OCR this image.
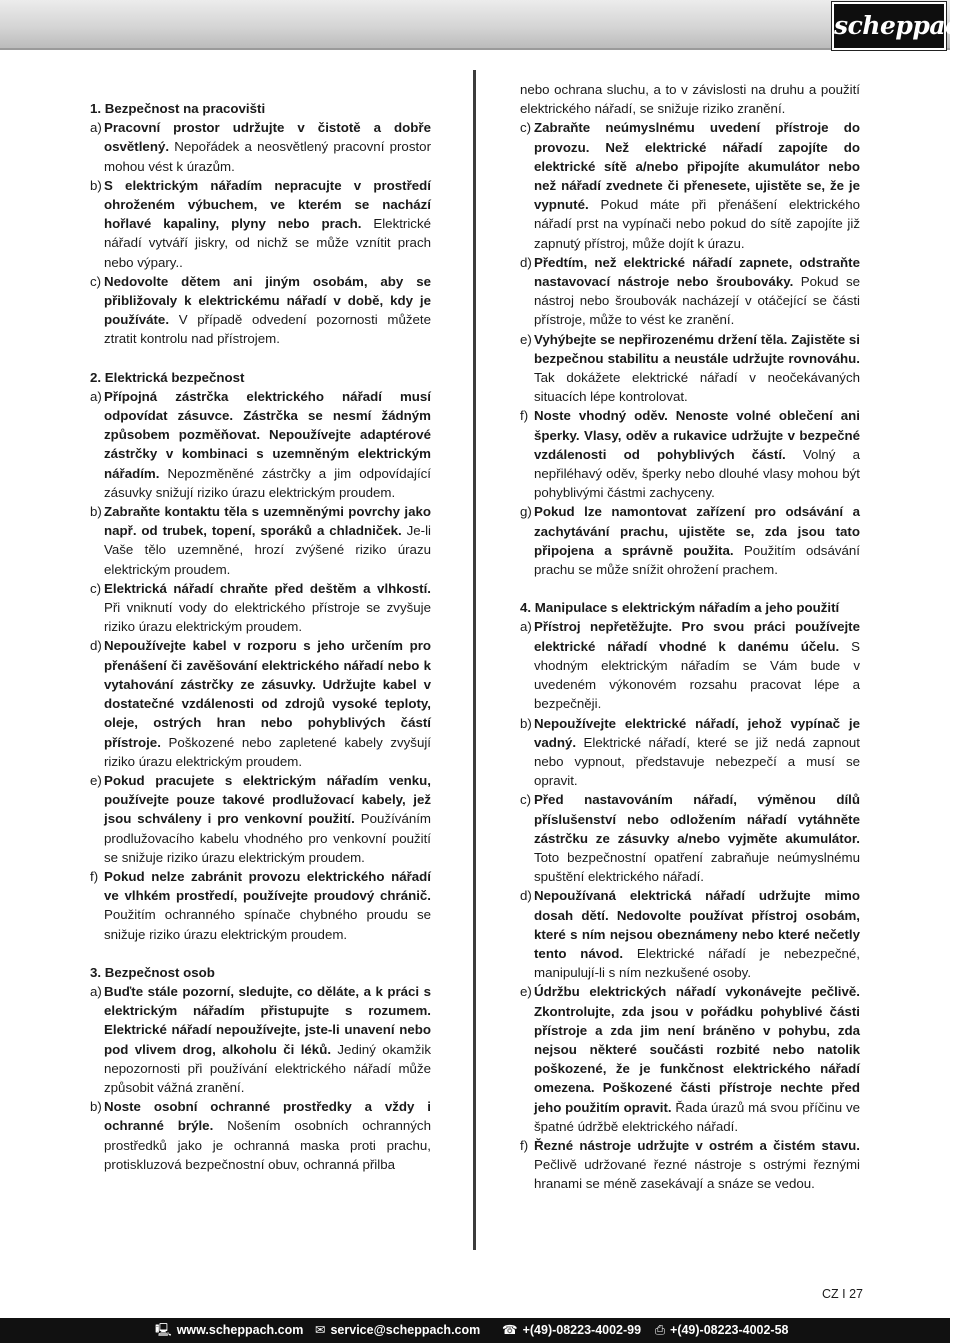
scheppach
1. Bezpečnost na pracovišti
a) Pracovní prostor udržujte v čistotě a dobře osvětlený. Nepořádek a neosvětlený pracovní prostor mohou vést k úrazům.
b) S elektrickým nářadím nepracujte v prostředí ohroženém výbuchem, ve kterém se nachází hořlavé kapaliny, plyny nebo prach. Elektrické nářadí vytváří jiskry, od nichž se může vznítit prach nebo výpary..
c) Nedovolte dětem ani jiným osobám, aby se přibližovaly k elektrickému nářadí v době, kdy je používáte. V případě odvedení pozornosti můžete ztratit kontrolu nad přístrojem.
2. Elektrická bezpečnost
a) Přípojná zástrčka elektrického nářadí musí odpovídat zásuvce. Zástrčka se nesmí žádným způsobem pozměňovat. Nepoužívejte adaptérové zástrčky v kombinaci s uzemněným elektrickým nářadím. Nepozměněné zástrčky a jim odpovídající zásuvky snižují riziko úrazu elektrickým proudem.
b) Zabraňte kontaktu těla s uzemněnými povrchy jako např. od trubek, topení, sporáků a chladniček. Je-li Vaše tělo uzemněné, hrozí zvýšené riziko úrazu elektrickým proudem.
c) Elektrická nářadí chraňte před deštěm a vlhkostí. Při vniknutí vody do elektrického přístroje se zvyšuje riziko úrazu elektrickým proudem.
d) Nepoužívejte kabel v rozporu s jeho určením pro přenášení či zavěšování elektrického nářadí nebo k vytahování zástrčky ze zásuvky. Udržujte kabel v dostatečné vzdálenosti od zdrojů vysoké teploty, oleje, ostrých hran nebo pohyblivých částí přístroje. Poškozené nebo zapletené kabely zvyšují riziko úrazu elektrickým proudem.
e) Pokud pracujete s elektrickým nářadím venku, používejte pouze takové prodlužovací kabely, jež jsou schváleny i pro venkovní použití. Používáním prodlužovacího kabelu vhodného pro venkovní použití se snižuje riziko úrazu elektrickým proudem.
f) Pokud nelze zabránit provozu elektrického nářadí ve vlhkém prostředí, používejte proudový chránič. Použitím ochranného spínače chybného proudu se snižuje riziko úrazu elektrickým proudem.
3. Bezpečnost osob
a) Buďte stále pozorní, sledujte, co děláte, a k práci s elektrickým nářadím přistupujte s rozumem. Elektrické nářadí nepoužívejte, jste-li unavení nebo pod vlivem drog, alkoholu či léků. Jediný okamžik nepozornosti při používání elektrického nářadí může způsobit vážná zranění.
b) Noste osobní ochranné prostředky a vždy i ochranné brýle. Nošením osobních ochranných prostředků jako je ochranná maska proti prachu, protiskluzová bezpečnostní obuv, ochranná přilba
nebo ochrana sluchu, a to v závislosti na druhu a použití elektrického nářadí, se snižuje riziko zranění.
c) Zabraňte neúmyslnému uvedení přístroje do provozu. Než elektrické nářadí zapojíte do elektrické sítě a/nebo připojíte akumulátor nebo než nářadí zvednete či přenesete, ujistěte se, že je vypnuté. Pokud máte při přenášení elektrického nářadí prst na vypínači nebo pokud do sítě zapojíte již zapnutý přístroj, může dojít k úrazu.
d) Předtím, než elektrické nářadí zapnete, odstraňte nastavovací nástroje nebo šroubováky. Pokud se nástroj nebo šroubovák nacházejí v otáčející se části přístroje, může to vést ke zranění.
e) Vyhýbejte se nepřirozenému držení těla. Zajistěte si bezpečnou stabilitu a neustále udržujte rovnováhu. Tak dokážete elektrické nářadí v neočekávaných situacích lépe kontrolovat.
f) Noste vhodný oděv. Nenoste volné oblečení ani šperky. Vlasy, oděv a rukavice udržujte v bezpečné vzdálenosti od pohyblivých částí. Volný a nepřiléhavý oděv, šperky nebo dlouhé vlasy mohou být pohyblivými částmi zachyceny.
g) Pokud lze namontovat zařízení pro odsávání a zachytávání prachu, ujistěte se, zda jsou tato připojena a správně použita. Použitím odsávání prachu se může snížit ohrožení prachem.
4. Manipulace s elektrickým nářadím a jeho použití
a) Přístroj nepřetěžujte. Pro svou práci používejte elektrické nářadí vhodné k danému účelu. S vhodným elektrickým nářadím se Vám bude v uvedeném výkonovém rozsahu pracovat lépe a bezpečněji.
b) Nepoužívejte elektrické nářadí, jehož vypínač je vadný. Elektrické nářadí, které se již nedá zapnout nebo vypnout, představuje nebezpečí a musí se opravit.
c) Před nastavováním nářadí, výměnou dílů příslušenství nebo odložením nářadí vytáhněte zástrčku ze zásuvky a/nebo vyjměte akumulátor. Toto bezpečnostní opatření zabraňuje neúmyslnému spuštění elektrického nářadí.
d) Nepoužívaná elektrická nářadí udržujte mimo dosah dětí. Nedovolte používat přístroj osobám, které s ním nejsou obeznámeny nebo které nečetly tento návod. Elektrické nářadí je nebezpečné, manipulují-li s ním nezkušené osoby.
e) Údržbu elektrických nářadí vykonávejte pečlivě. Zkontrolujte, zda jsou v pořádku pohyblivé části přístroje a zda jim není bráněno v pohybu, zda nejsou některé součásti rozbité nebo natolik poškozené, že je funkčnost elektrického nářadí omezena. Poškozené části přístroje nechte před jeho použitím opravit. Řada úrazů má svou příčinu ve špatné údržbě elektrického nářadí.
f) Řezné nástroje udržujte v ostrém a čistém stavu. Pečlivě udržované řezné nástroje s ostrými řeznými hranami se méně zasekávají a snáze se vedou.
CZ I 27
🖳 www.scheppach.com ✉ service@scheppach.com ☎ +(49)-08223-4002-99 ⎙ +(49)-08223-4002-58
